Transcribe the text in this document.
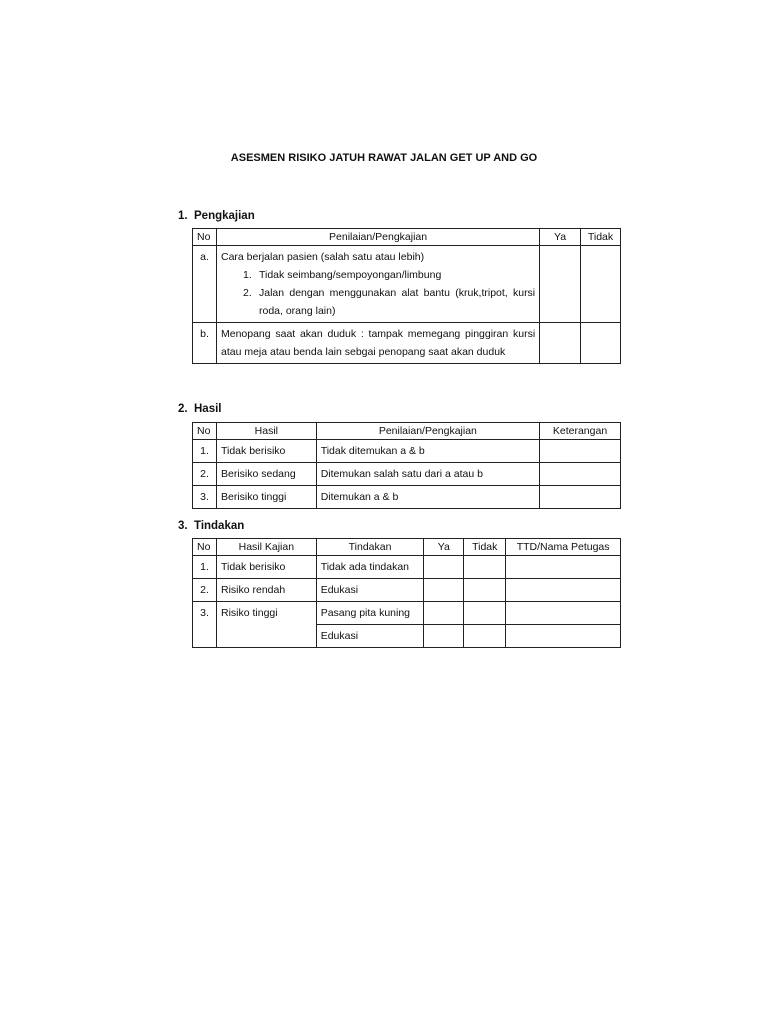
ASESMEN RISIKO JATUH RAWAT JALAN GET UP AND GO
1. Pengkajian
No	Penilaian/Pengkajian	Ya	Tidak
a.	Cara berjalan pasien (salah satu atau lebih)
1. Tidak seimbang/sempoyongan/limbung
2. Jalan dengan menggunakan alat bantu (kruk,tripot, kursi roda, orang lain)		

b.	Menopang saat akan duduk : tampak memegang pinggiran kursi atau meja atau benda lain sebgai penopang saat akan duduk		
2. Hasil
No	Hasil	Penilaian/Pengkajian	Keterangan
1.	Tidak berisiko	Tidak ditemukan a & b	
2.	Berisiko sedang	Ditemukan salah satu dari a atau b	
3.	Berisiko tinggi	Ditemukan a & b	
3. Tindakan
No	Hasil Kajian	Tindakan	Ya	Tidak	TTD/Nama Petugas
1.	Tidak berisiko	Tidak ada tindakan			
2.	Risiko rendah	Edukasi			
3.	Risiko tinggi	Pasang pita kuning			
		Edukasi			
